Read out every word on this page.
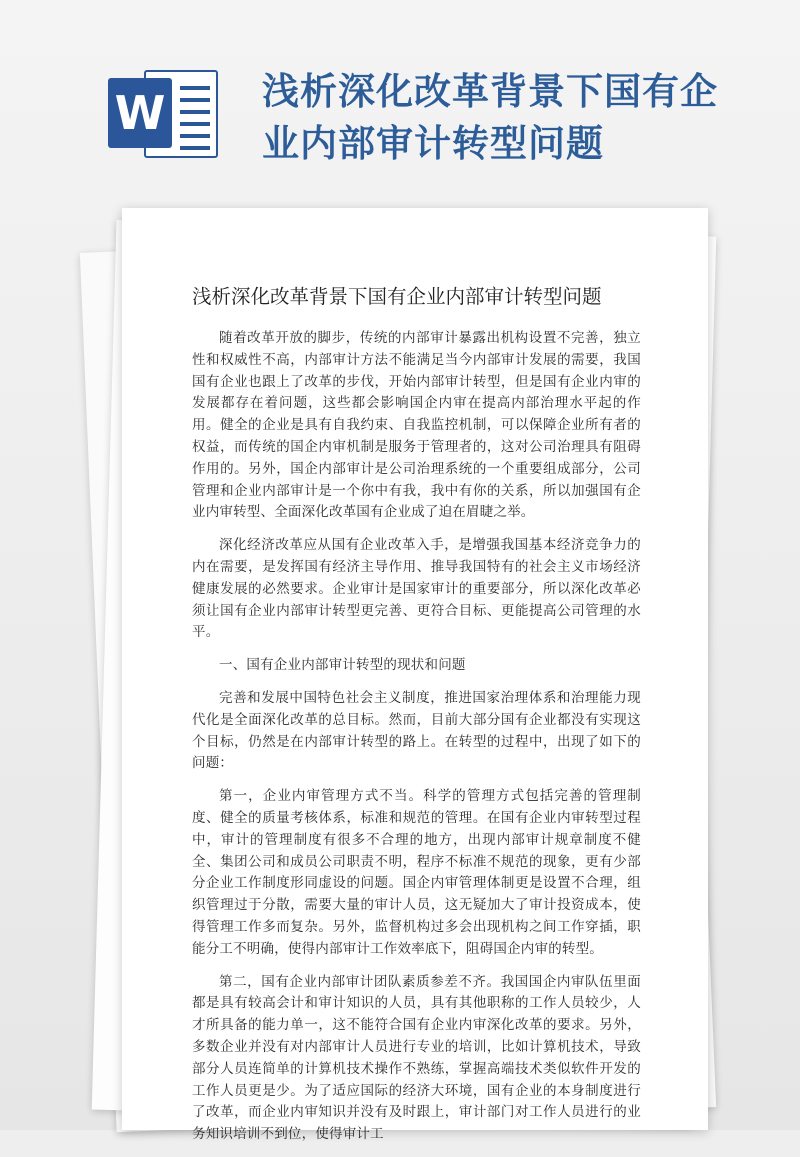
W	浅析深化改革背景下国有企业内部审计转型问题
浅析深化改革背景下国有企业内部审计转型问题

随着改革开放的脚步，传统的内部审计暴露出机构设置不完善，独立性和权威性不高，内部审计方法不能满足当今内部审计发展的需要，我国国有企业也跟上了改革的步伐，开始内部审计转型，但是国有企业内审的发展都存在着问题，这些都会影响国企内审在提高内部治理水平起的作用。健全的企业是具有自我约束、自我监控机制，可以保障企业所有者的权益，而传统的国企内审机制是服务于管理者的，这对公司治理具有阻碍作用的。另外，国企内部审计是公司治理系统的一个重要组成部分，公司管理和企业内部审计是一个你中有我，我中有你的关系，所以加强国有企业内审转型、全面深化改革国有企业成了迫在眉睫之举。

深化经济改革应从国有企业改革入手，是增强我国基本经济竞争力的内在需要，是发挥国有经济主导作用、推导我国特有的社会主义市场经济健康发展的必然要求。企业审计是国家审计的重要部分，所以深化改革必须让国有企业内部审计转型更完善、更符合目标、更能提高公司管理的水平。

一、国有企业内部审计转型的现状和问题

完善和发展中国特色社会主义制度，推进国家治理体系和治理能力现代化是全面深化改革的总目标。然而，目前大部分国有企业都没有实现这个目标，仍然是在内部审计转型的路上。在转型的过程中，出现了如下的问题：

第一，企业内审管理方式不当。科学的管理方式包括完善的管理制度、健全的质量考核体系，标准和规范的管理。在国有企业内审转型过程中，审计的管理制度有很多不合理的地方，出现内部审计规章制度不健全、集团公司和成员公司职责不明，程序不标准不规范的现象，更有少部分企业工作制度形同虚设的问题。国企内审管理体制更是设置不合理，组织管理过于分散，需要大量的审计人员，这无疑加大了审计投资成本，使得管理工作多而复杂。另外，监督机构过多会出现机构之间工作穿插，职能分工不明确，使得内部审计工作效率底下，阻碍国企内审的转型。

第二，国有企业内部审计团队素质参差不齐。我国国企内审队伍里面都是具有较高会计和审计知识的人员，具有其他职称的工作人员较少，人才所具备的能力单一，这不能符合国有企业内审深化改革的要求。另外，多数企业并没有对内部审计人员进行专业的培训，比如计算机技术，导致部分人员连简单的计算机技术操作不熟练，掌握高端技术类似软件开发的工作人员更是少。为了适应国际的经济大环境，国有企业的本身制度进行了改革，而企业内审知识并没有及时跟上，审计部门对工作人员进行的业务知识培训不到位，使得审计工
